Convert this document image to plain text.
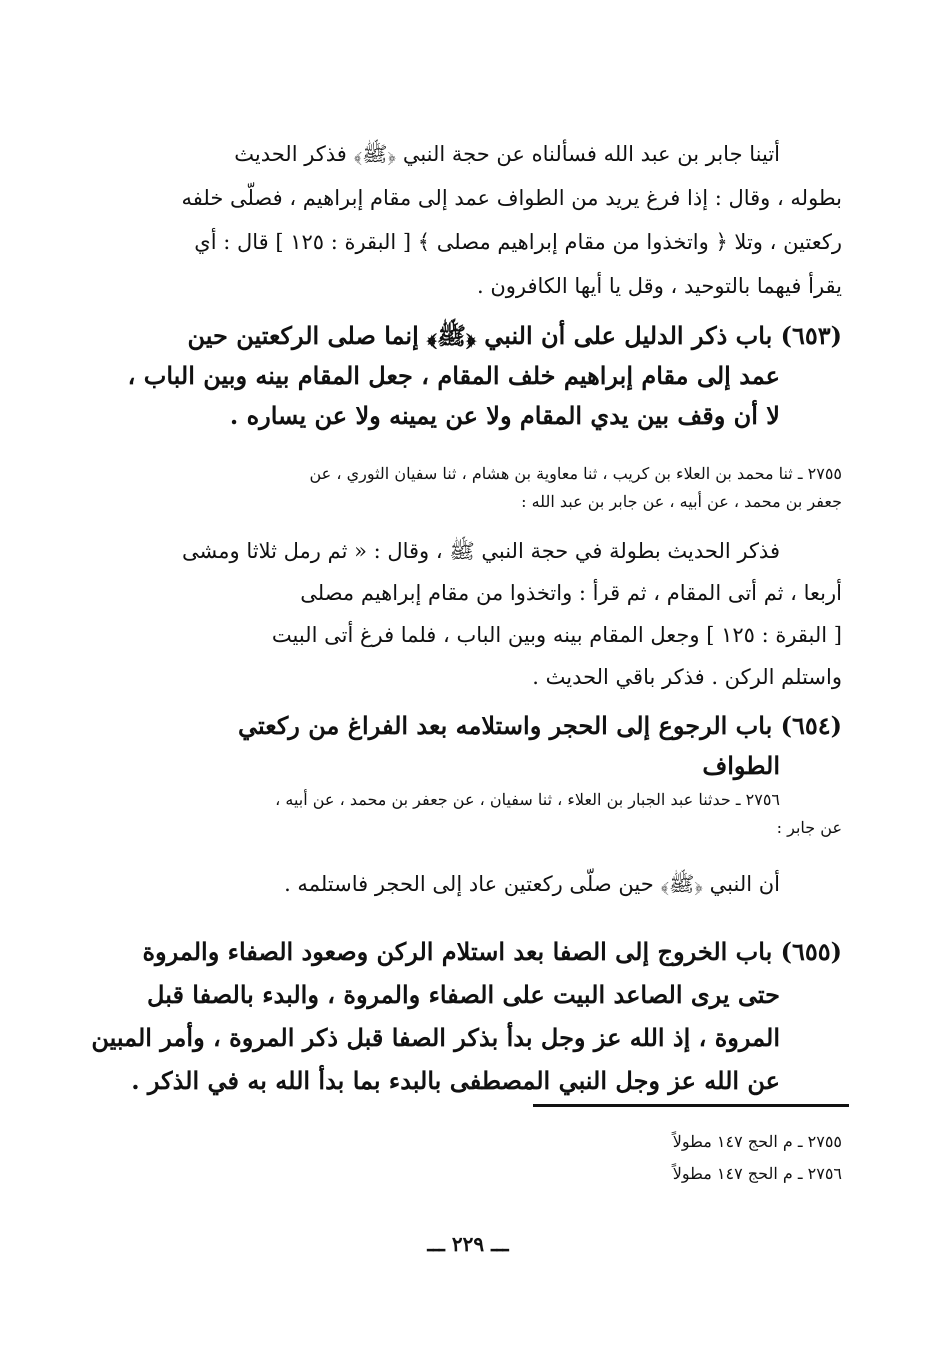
أتينا جابر بن عبد الله فسألناه عن حجة النبي ﴿ﷺ﴾ فذكر الحديث
بطوله ، وقال : إذا فرغ يريد من الطواف عمد إلى مقام إبراهيم ، فصلّى خلفه
ركعتين ، وتلا ﴿ واتخذوا من مقام إبراهيم مصلى ﴾ [ البقرة : ١٢٥ ] قال : أي
يقرأ فيهما بالتوحيد ، وقل يا أيها الكافرون .
(٦٥٣) باب ذكر الدليل على أن النبي ﴿ﷺ﴾ إنما صلى الركعتين حين
عمد إلى مقام إبراهيم خلف المقام ، جعل المقام بينه وبين الباب ،
لا أن وقف بين يدي المقام ولا عن يمينه ولا عن يساره .
٢٧٥٥ ـ ثنا محمد بن العلاء بن كريب ، ثنا معاوية بن هشام ، ثنا سفيان الثوري ، عن
جعفر بن محمد ، عن أبيه ، عن جابر بن عبد الله :
فذكر الحديث بطولة في حجة النبي ﷺ ، وقال : « ثم رمل ثلاثا ومشى
أربعا ، ثم أتى المقام ، ثم قرأ : واتخذوا من مقام إبراهيم مصلى
[ البقرة : ١٢٥ ] وجعل المقام بينه وبين الباب ، فلما فرغ أتى البيت
واستلم الركن . فذكر باقي الحديث .
(٦٥٤) باب الرجوع إلى الحجر واستلامه بعد الفراغ من ركعتي
الطواف
٢٧٥٦ ـ حدثنا عبد الجبار بن العلاء ، ثنا سفيان ، عن جعفر بن محمد ، عن أبيه ،
عن جابر :
أن النبي ﴿ﷺ﴾ حين صلّى ركعتين عاد إلى الحجر فاستلمه .
(٦٥٥) باب الخروج إلى الصفا بعد استلام الركن وصعود الصفاء والمروة
حتى يرى الصاعد البيت على الصفاء والمروة ، والبدء بالصفا قبل
المروة ، إذ الله عز وجل بدأ بذكر الصفا قبل ذكر المروة ، وأمر المبين
عن الله عز وجل النبي المصطفى بالبدء بما بدأ الله به في الذكر .
٢٧٥٥ ـ م الحج ١٤٧ مطولاً
٢٧٥٦ ـ م الحج ١٤٧ مطولاً
ـــ ٢٢٩ ـــ
